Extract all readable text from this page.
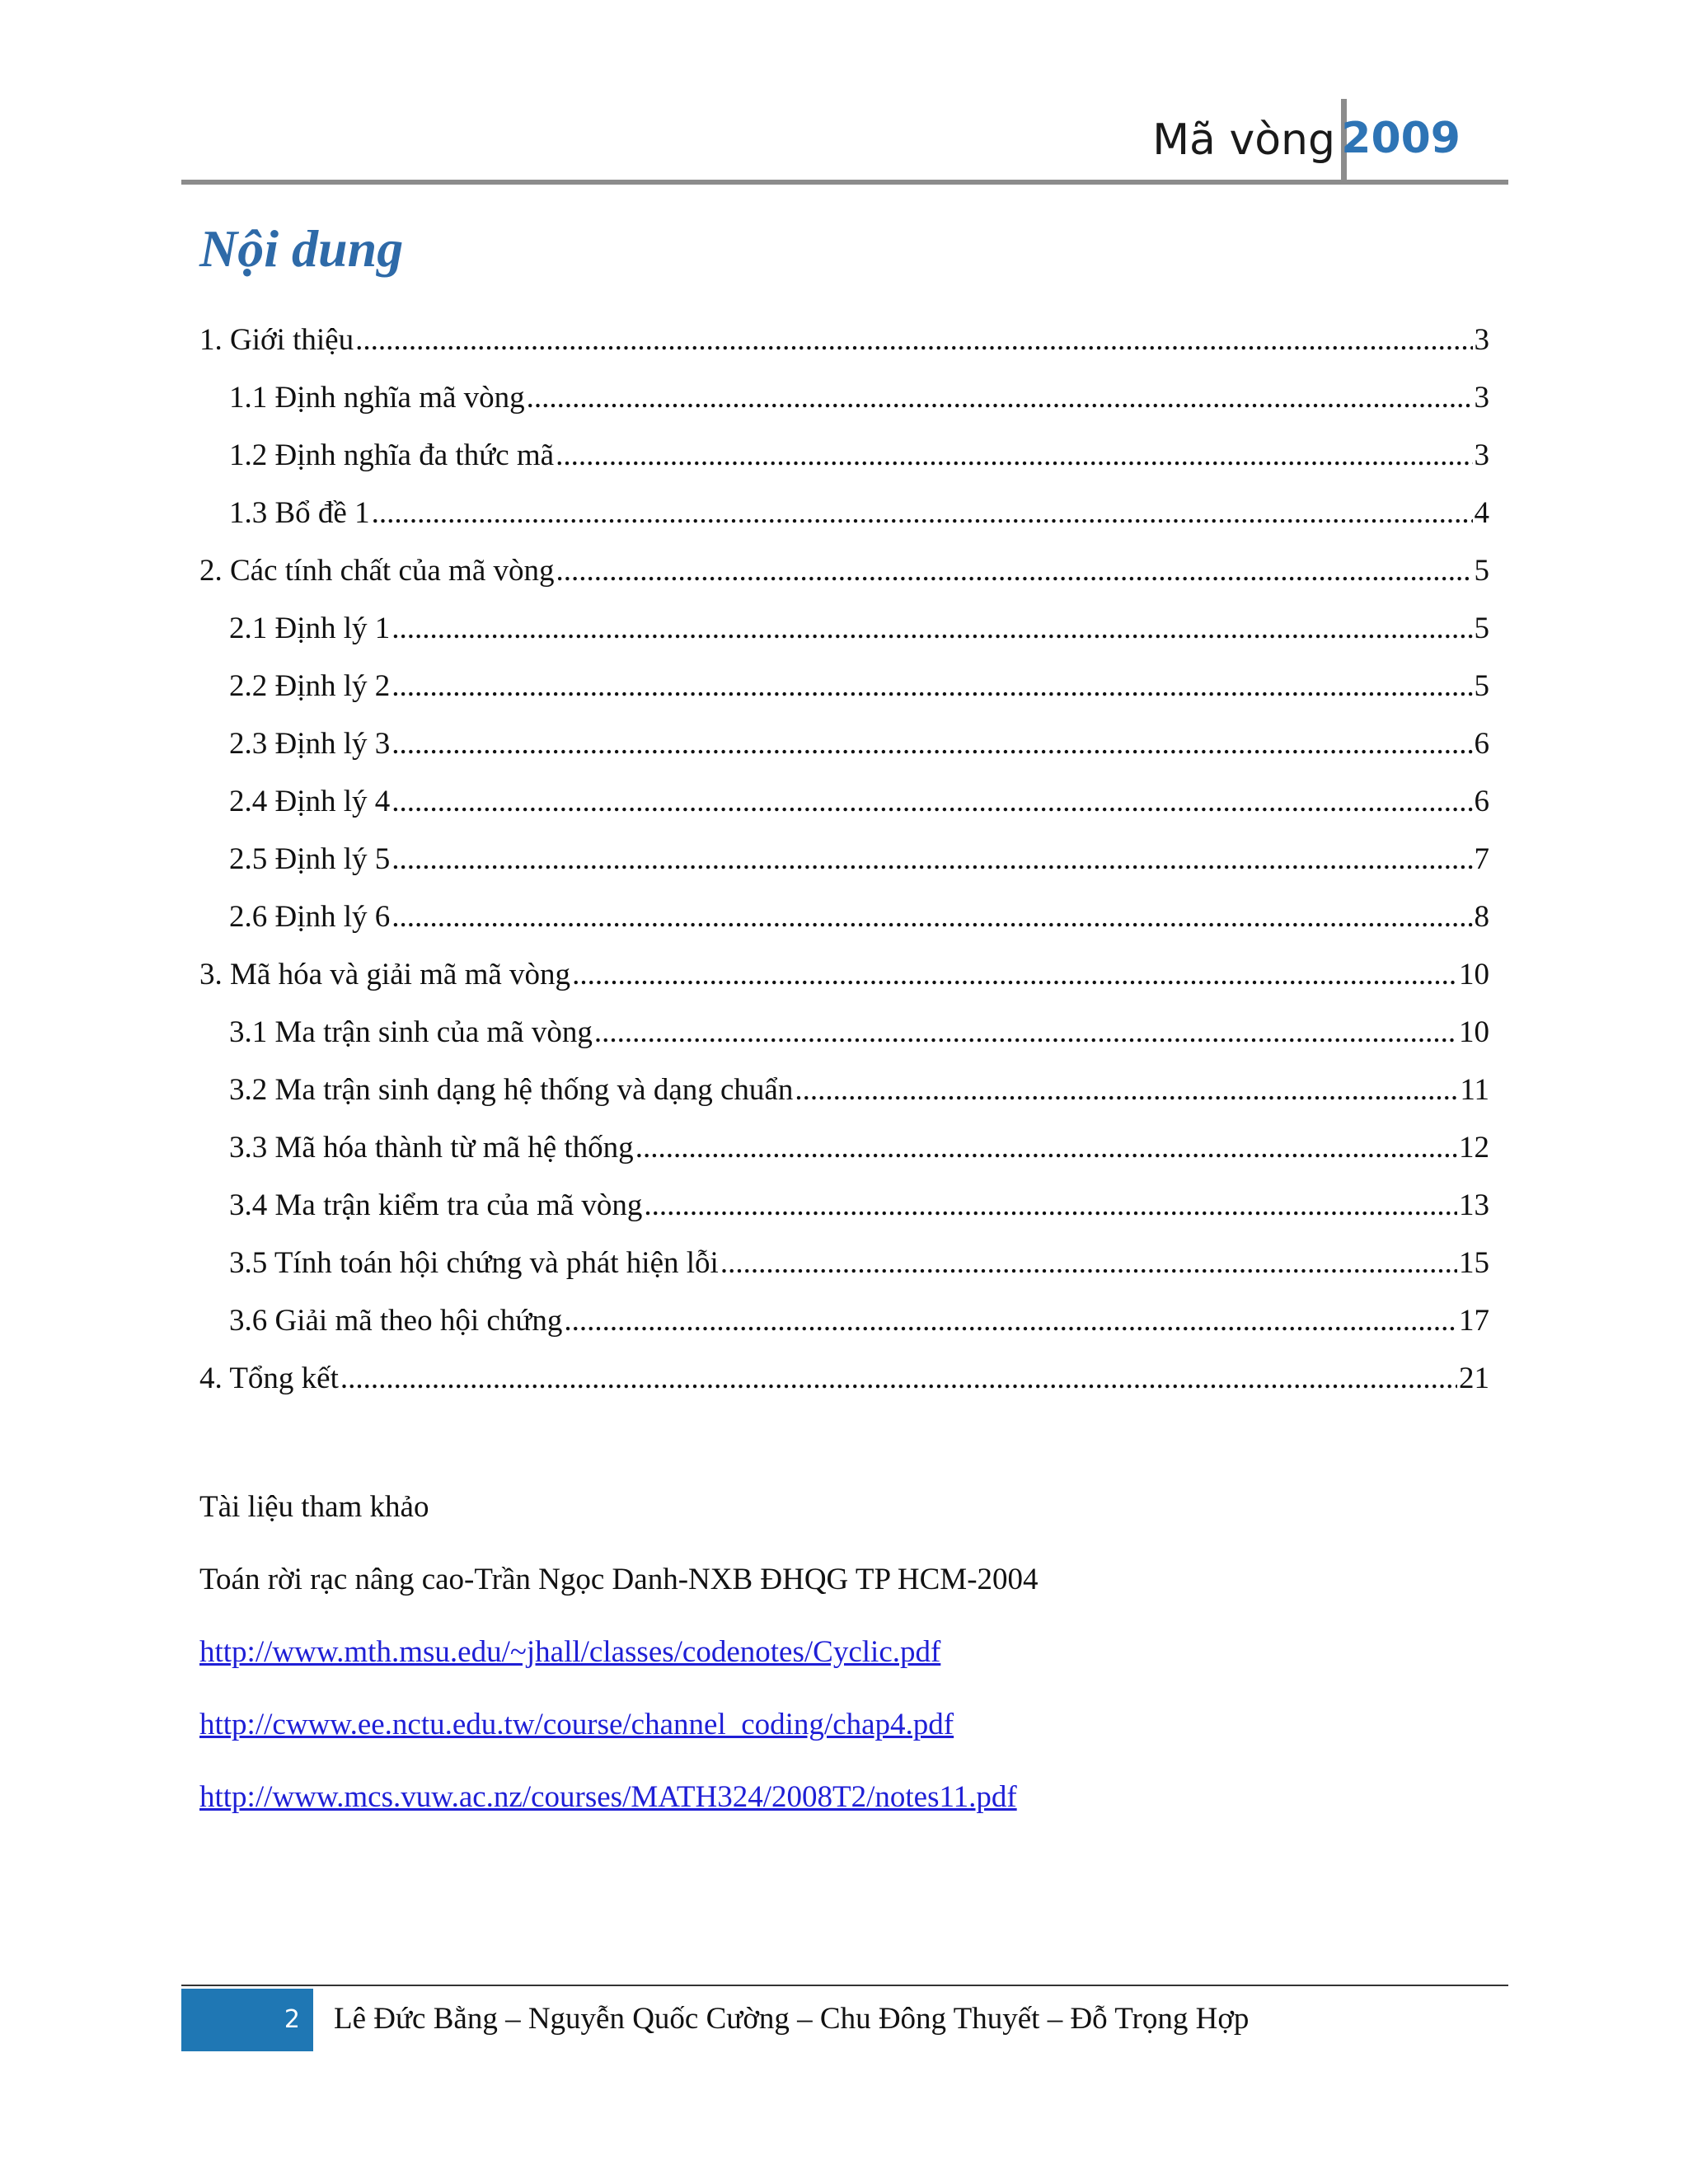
Mã vòng 2009
Nội dung
1. Giới thiệu .....	3
1.1 Định nghĩa mã vòng .....	3
1.2 Định nghĩa đa thức mã .....	3
1.3 Bổ đề 1 .....	4
2. Các tính chất của mã vòng .....	5
2.1 Định lý 1 .....	5
2.2 Định lý 2 .....	5
2.3 Định lý 3 .....	6
2.4 Định lý 4 .....	6
2.5 Định lý 5 .....	7
2.6 Định lý 6 .....	8
3. Mã hóa và giải mã mã vòng .....	10
3.1 Ma trận sinh của mã vòng .....	10
3.2 Ma trận sinh dạng hệ thống và dạng chuẩn .....	11
3.3 Mã hóa thành từ mã hệ thống .....	12
3.4 Ma trận kiểm tra của mã vòng .....	13
3.5 Tính toán hội chứng và phát hiện lỗi .....	15
3.6 Giải mã theo hội chứng .....	17
4. Tổng kết .....	21
Tài liệu tham khảo
Toán rời rạc nâng cao-Trần Ngọc Danh-NXB ĐHQG TP HCM-2004
http://www.mth.msu.edu/~jhall/classes/codenotes/Cyclic.pdf
http://cwww.ee.nctu.edu.tw/course/channel_coding/chap4.pdf
http://www.mcs.vuw.ac.nz/courses/MATH324/2008T2/notes11.pdf
2 Lê Đức Bằng – Nguyễn Quốc Cường – Chu Đông Thuyết – Đỗ Trọng Hợp
